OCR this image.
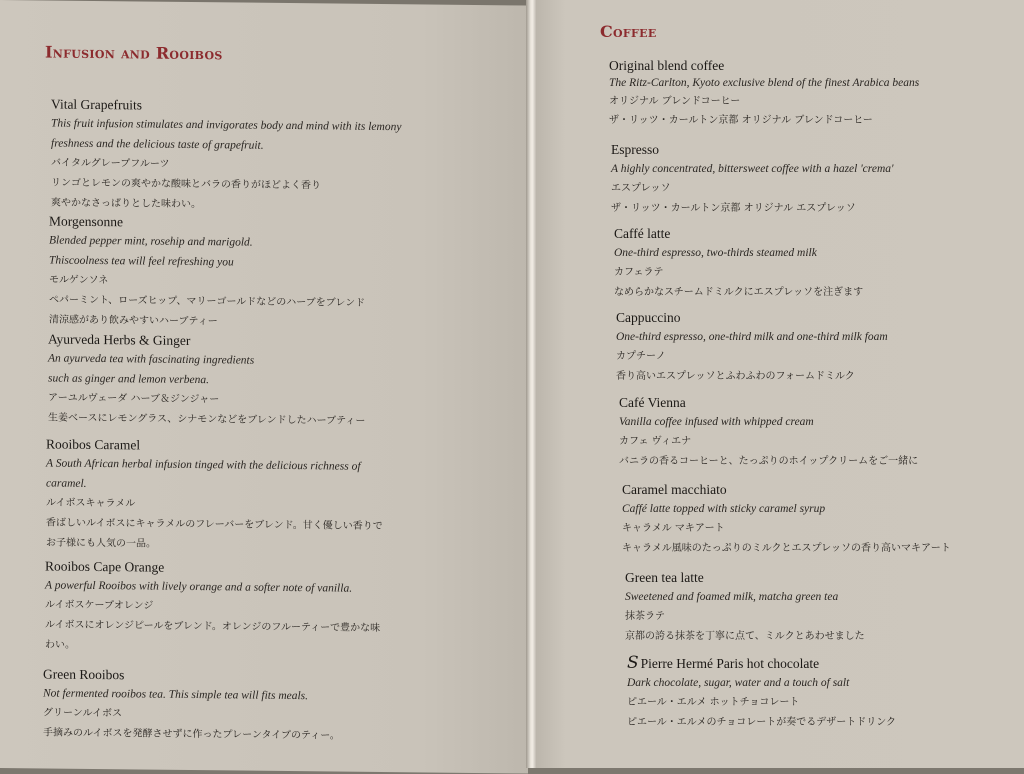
Infusion and Rooibos
Vital Grapefruits
This fruit infusion stimulates and invigorates body and mind with its lemony
freshness and the delicious taste of grapefruit.
バイタルグレープフルーツ
リンゴとレモンの爽やかな酸味とバラの香りがほどよく香り
爽やかなさっぱりとした味わい。
Morgensonne
Blended pepper mint, rosehip and marigold.
Thiscoolness tea will feel refreshing you
モルゲンソネ
ペパーミント、ローズヒップ、マリーゴールドなどのハーブをブレンド
清涼感があり飲みやすいハーブティー
Ayurveda Herbs & Ginger
An ayurveda tea with fascinating ingredients
such as ginger and lemon verbena.
アーユルヴェーダ ハーブ＆ジンジャー
生姜ベースにレモングラス、シナモンなどをブレンドしたハーブティー
Rooibos Caramel
A South African herbal infusion tinged with the delicious richness of
caramel.
ルイボスキャラメル
香ばしいルイボスにキャラメルのフレーバーをブレンド。甘く優しい香りで
お子様にも人気の一品。
Rooibos Cape Orange
A powerful Rooibos with lively orange and a softer note of vanilla.
ルイボスケープオレンジ
ルイボスにオレンジピールをブレンド。オレンジのフルーティーで豊かな味
わい。
Green Rooibos
Not fermented rooibos tea. This simple tea will fits meals.
グリーンルイボス
手摘みのルイボスを発酵させずに作ったプレーンタイプのティー。
Coffee
Original blend coffee
The Ritz-Carlton, Kyoto exclusive blend of the finest Arabica beans
オリジナル ブレンドコーヒー
ザ・リッツ・カールトン京都 オリジナル ブレンドコーヒー
Espresso
A highly concentrated, bittersweet coffee with a hazel 'crema'
エスプレッソ
ザ・リッツ・カールトン京都 オリジナル エスプレッソ
Caffé latte
One-third espresso, two-thirds steamed milk
カフェラテ
なめらかなスチームドミルクにエスプレッソを注ぎます
Cappuccino
One-third espresso, one-third milk and one-third milk foam
カプチーノ
香り高いエスプレッソとふわふわのフォームドミルク
Café Vienna
Vanilla coffee infused with whipped cream
カフェ ヴィエナ
バニラの香るコーヒーと、たっぷりのホイップクリームをご一緒に
Caramel macchiato
Caffé latte topped with sticky caramel syrup
キャラメル マキアート
キャラメル風味のたっぷりのミルクとエスプレッソの香り高いマキアート
Green tea latte
Sweetened and foamed milk, matcha green tea
抹茶ラテ
京都の誇る抹茶を丁寧に点て、ミルクとあわせました
S Pierre Hermé Paris hot chocolate
Dark chocolate, sugar, water and a touch of salt
ピエール・エルメ ホットチョコレート
ピエール・エルメのチョコレートが奏でるデザートドリンク
